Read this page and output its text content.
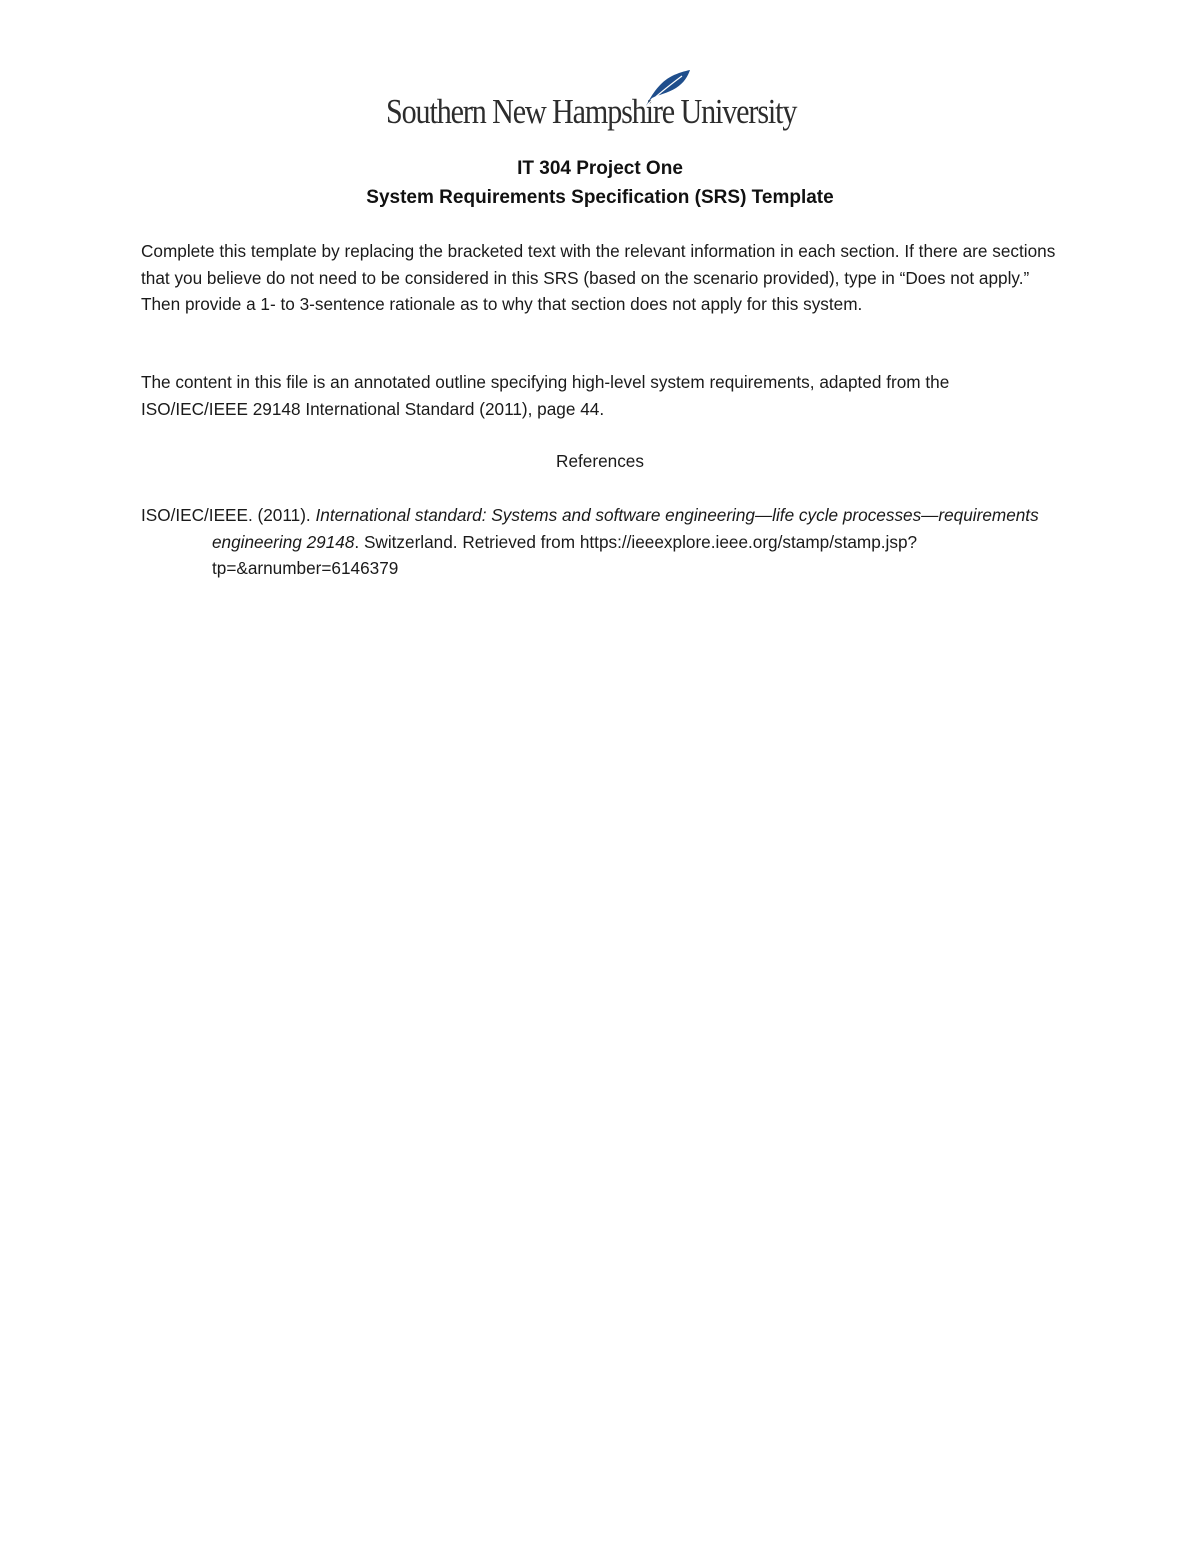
Southern New Hampshire University
IT 304 Project One
System Requirements Specification (SRS) Template

Complete this template by replacing the bracketed text with the relevant information in each section. If there are sections that you believe do not need to be considered in this SRS (based on the scenario provided), type in “Does not apply.” Then provide a 1- to 3-sentence rationale as to why that section does not apply for this system.

The content in this file is an annotated outline specifying high-level system requirements, adapted from the ISO/IEC/IEEE 29148 International Standard (2011), page 44.

References
ISO/IEC/IEEE. (2011). International standard: Systems and software engineering—life cycle processes—requirements engineering 29148. Switzerland. Retrieved from https://ieeexplore.ieee.org/stamp/stamp.jsp?tp=&arnumber=6146379
